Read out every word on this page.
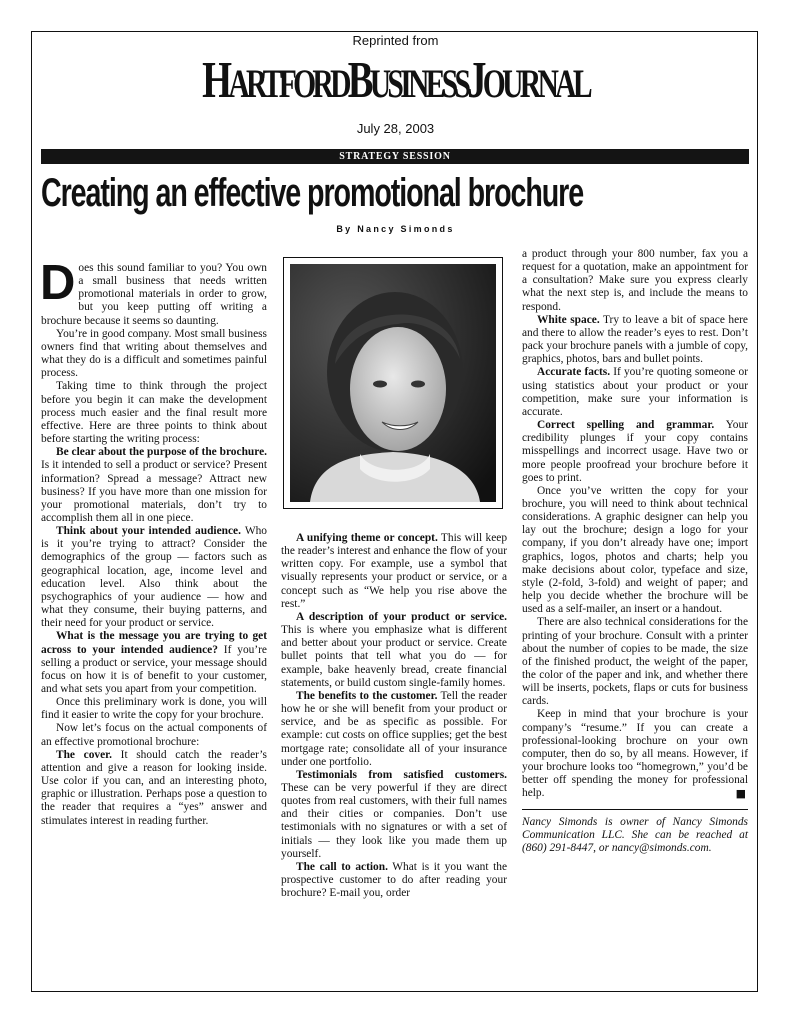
Reprinted from
HARTFORDBUSINESSJOURNAL
July 28, 2003
STRATEGY SESSION
Creating an effective promotional brochure
By Nancy Simonds

Does this sound familiar to you? You own a small business that needs written promotional materials in order to grow, but you keep putting off writing a brochure because it seems so daunting.

You’re in good company. Most small business owners find that writing about themselves and what they do is a difficult and sometimes painful process.

Taking time to think through the project before you begin it can make the development process much easier and the final result more effective. Here are three points to think about before starting the writing process:

Be clear about the purpose of the brochure. Is it intended to sell a product or service? Present information? Spread a message? Attract new business? If you have more than one mission for your promotional materials, don’t try to accomplish them all in one piece.

Think about your intended audience. Who is it you’re trying to attract? Consider the demographics of the group — factors such as geographical location, age, income level and education level. Also think about the psychographics of your audience — how and what they consume, their buying patterns, and their need for your product or service.

What is the message you are trying to get across to your intended audience? If you’re selling a product or service, your message should focus on how it is of benefit to your customer, and what sets you apart from your competition.

Once this preliminary work is done, you will find it easier to write the copy for your brochure.

Now let’s focus on the actual components of an effective promotional brochure:

The cover. It should catch the reader’s attention and give a reason for looking inside. Use color if you can, and an interesting photo, graphic or illustration. Perhaps pose a question to the reader that requires a “yes” answer and stimulates interest in reading further.

A unifying theme or concept. This will keep the reader’s interest and enhance the flow of your written copy. For example, use a symbol that visually represents your product or service, or a concept such as “We help you rise above the rest.”

A description of your product or service. This is where you emphasize what is different and better about your product or service. Create bullet points that tell what you do — for example, bake heavenly bread, create financial statements, or build custom single-family homes.

The benefits to the customer. Tell the reader how he or she will benefit from your product or service, and be as specific as possible. For example: cut costs on office supplies; get the best mortgage rate; consolidate all of your insurance under one portfolio.

Testimonials from satisfied customers. These can be very powerful if they are direct quotes from real customers, with their full names and their cities or companies. Don’t use testimonials with no signatures or with a set of initials — they look like you made them up yourself.

The call to action. What is it you want the prospective customer to do after reading your brochure? E-mail you, order

a product through your 800 number, fax you a request for a quotation, make an appointment for a consultation? Make sure you express clearly what the next step is, and include the means to respond.

White space. Try to leave a bit of space here and there to allow the reader’s eyes to rest. Don’t pack your brochure panels with a jumble of copy, graphics, photos, bars and bullet points.

Accurate facts. If you’re quoting someone or using statistics about your product or your competition, make sure your information is accurate.

Correct spelling and grammar. Your credibility plunges if your copy contains misspellings and incorrect usage. Have two or more people proofread your brochure before it goes to print.

Once you’ve written the copy for your brochure, you will need to think about technical considerations. A graphic designer can help you lay out the brochure; design a logo for your company, if you don’t already have one; import graphics, logos, photos and charts; help you make decisions about color, typeface and size, style (2-fold, 3-fold) and weight of paper; and help you decide whether the brochure will be used as a self-mailer, an insert or a handout.

There are also technical considerations for the printing of your brochure. Consult with a printer about the number of copies to be made, the size of the finished product, the weight of the paper, the color of the paper and ink, and whether there will be inserts, pockets, flaps or cuts for business cards.

Keep in mind that your brochure is your company’s “resume.” If you can create a professional-looking brochure on your own computer, then do so, by all means. However, if your brochure looks too “homegrown,” you’d be better off spending the money for professional help.	■

Nancy Simonds is owner of Nancy Simonds Communication LLC. She can be reached at (860) 291-8447, or nancy@simonds.com.
